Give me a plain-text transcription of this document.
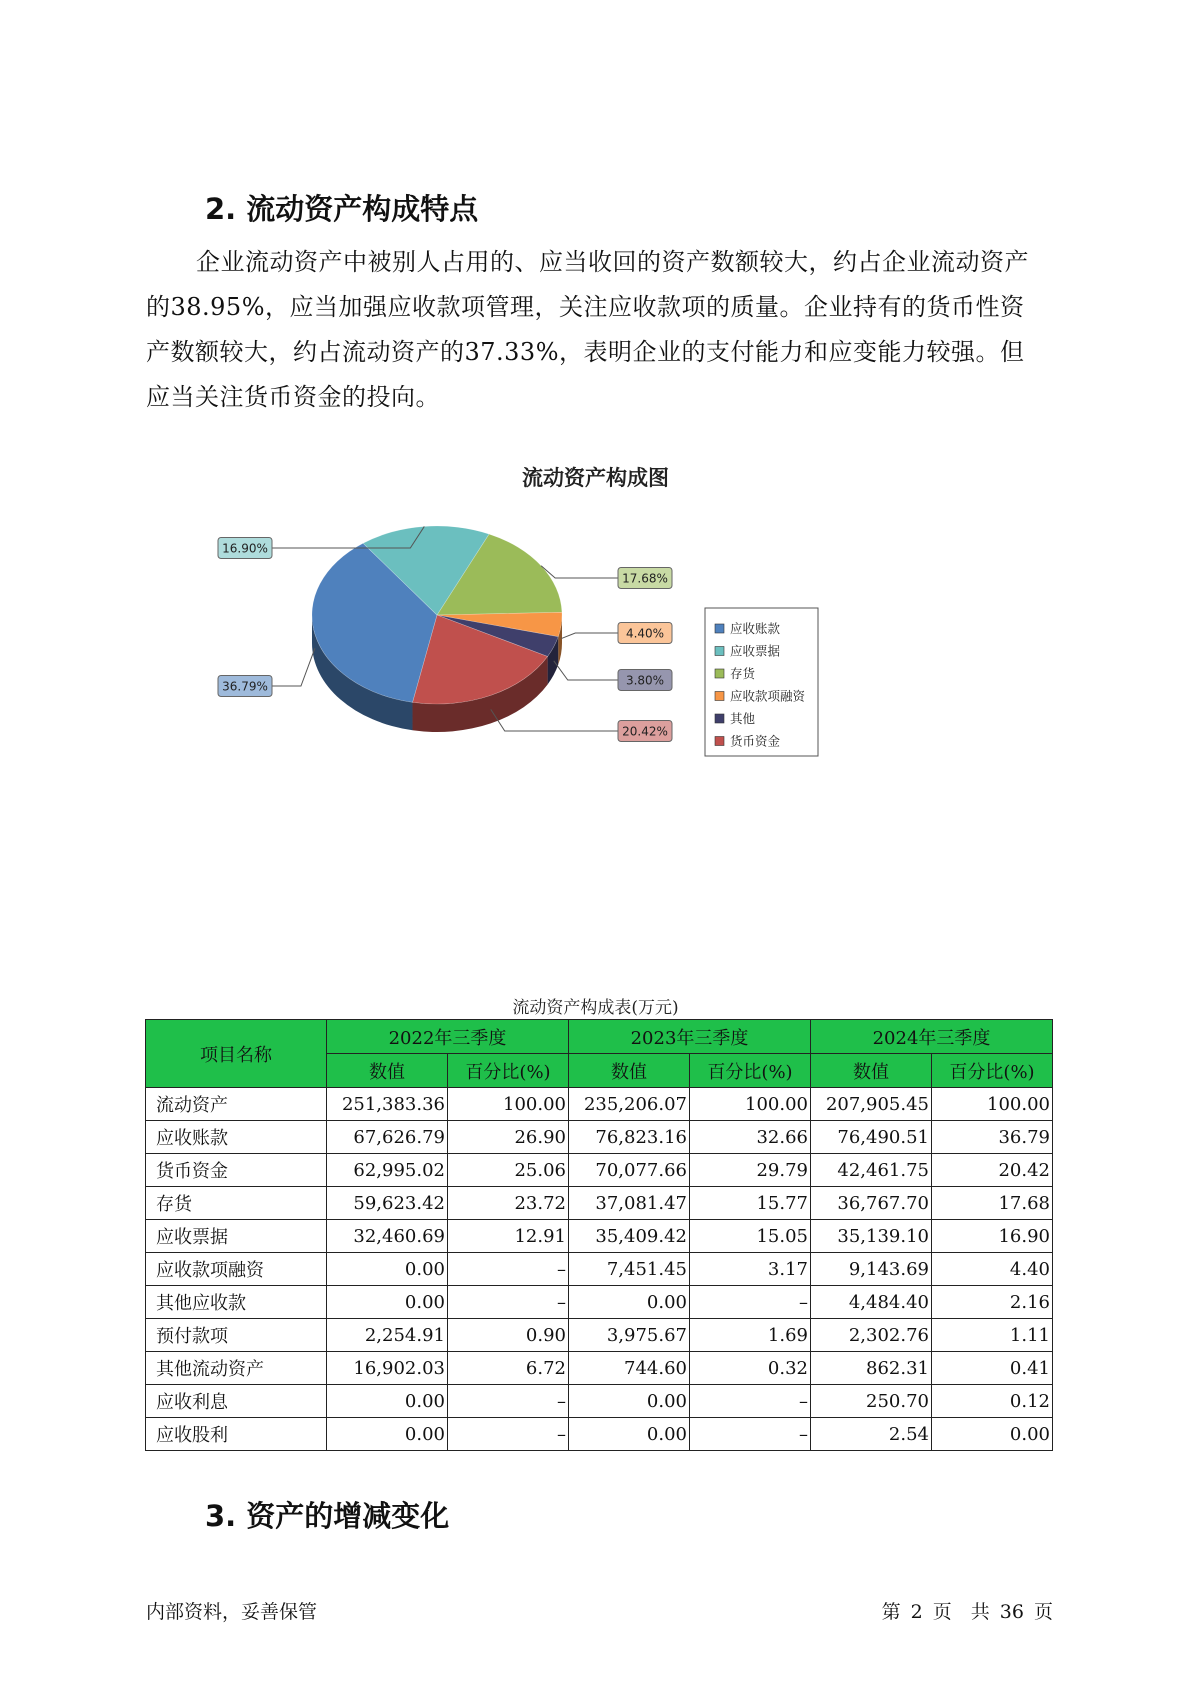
2. 流动资产构成特点

企业流动资产中被别人占用的、应当收回的资产数额较大，约占企业流动资产的38.95%，应当加强应收款项管理，关注应收款项的质量。企业持有的货币性资产数额较大，约占流动资产的37.33%，表明企业的支付能力和应变能力较强。但应当关注货币资金的投向。

流动资产构成图
17.68%
4.40%
3.80%
20.42%
36.79%
16.90%
应收账款
应收票据
存货
应收款项融资
其他
货币资金
流动资产构成表(万元)
项目名称	2022年三季度		2023年三季度		2024年三季度	
	数值	百分比(%)	数值	百分比(%)	数值	百分比(%)
流动资产	251,383.36	100.00	235,206.07	100.00	207,905.45	100.00
应收账款	67,626.79	26.90	76,823.16	32.66	76,490.51	36.79
货币资金	62,995.02	25.06	70,077.66	29.79	42,461.75	20.42
存货	59,623.42	23.72	37,081.47	15.77	36,767.70	17.68
应收票据	32,460.69	12.91	35,409.42	15.05	35,139.10	16.90
应收款项融资	0.00	–	7,451.45	3.17	9,143.69	4.40
其他应收款	0.00	–	0.00	–	4,484.40	2.16
预付款项	2,254.91	0.90	3,975.67	1.69	2,302.76	1.11
其他流动资产	16,902.03	6.72	744.60	0.32	862.31	0.41
应收利息	0.00	–	0.00	–	250.70	0.12
应收股利	0.00	–	0.00	–	2.54	0.00
3. 资产的增减变化
内部资料，妥善保管	第 2 页　共 36 页
